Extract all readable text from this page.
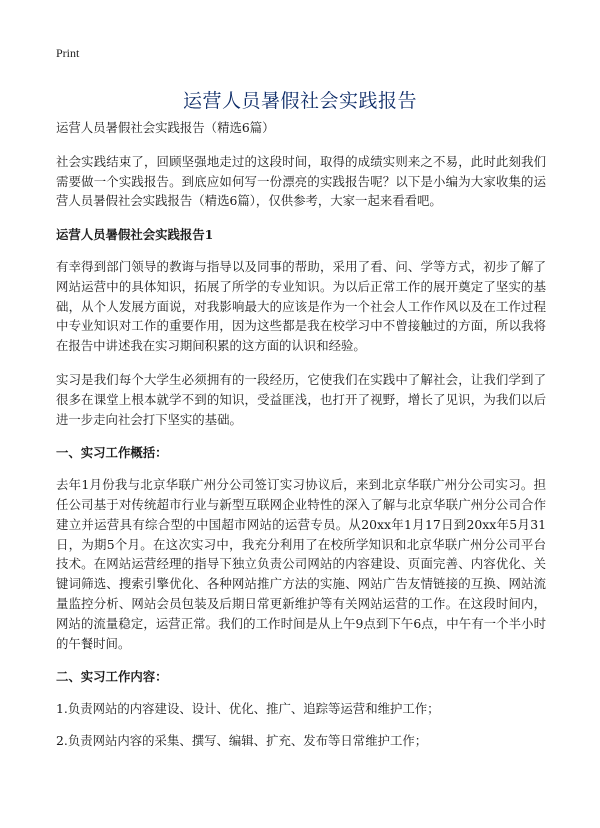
Print
运营人员暑假社会实践报告

运营人员暑假社会实践报告（精选6篇）

社会实践结束了，回顾坚强地走过的这段时间，取得的成绩实则来之不易，此时此刻我们需要做一个实践报告。到底应如何写一份漂亮的实践报告呢？以下是小编为大家收集的运营人员暑假社会实践报告（精选6篇），仅供参考，大家一起来看看吧。

运营人员暑假社会实践报告1

有幸得到部门领导的教诲与指导以及同事的帮助，采用了看、问、学等方式，初步了解了网站运营中的具体知识，拓展了所学的专业知识。为以后正常工作的展开奠定了坚实的基础，从个人发展方面说，对我影响最大的应该是作为一个社会人工作作风以及在工作过程中专业知识对工作的重要作用，因为这些都是我在校学习中不曾接触过的方面，所以我将在报告中讲述我在实习期间积累的这方面的认识和经验。

实习是我们每个大学生必须拥有的一段经历，它使我们在实践中了解社会，让我们学到了很多在课堂上根本就学不到的知识，受益匪浅，也打开了视野，增长了见识，为我们以后进一步走向社会打下坚实的基础。

一、实习工作概括：

去年1月份我与北京华联广州分公司签订实习协议后，来到北京华联广州分公司实习。担任公司基于对传统超市行业与新型互联网企业特性的深入了解与北京华联广州分公司合作建立并运营具有综合型的中国超市网站的运营专员。从20xx年1月17日到20xx年5月31日，为期5个月。在这次实习中，我充分利用了在校所学知识和北京华联广州分公司平台技术。在网站运营经理的指导下独立负责公司网站的内容建设、页面完善、内容优化、关键词筛选、搜索引擎优化、各种网站推广方法的实施、网站广告友情链接的互换、网站流量监控分析、网站会员包装及后期日常更新维护等有关网站运营的工作。在这段时间内，网站的流量稳定，运营正常。我们的工作时间是从上午9点到下午6点，中午有一个半小时的午餐时间。

二、实习工作内容：

1.负责网站的内容建设、设计、优化、推广、追踪等运营和维护工作；

2.负责网站内容的采集、撰写、编辑、扩充、发布等日常维护工作；
